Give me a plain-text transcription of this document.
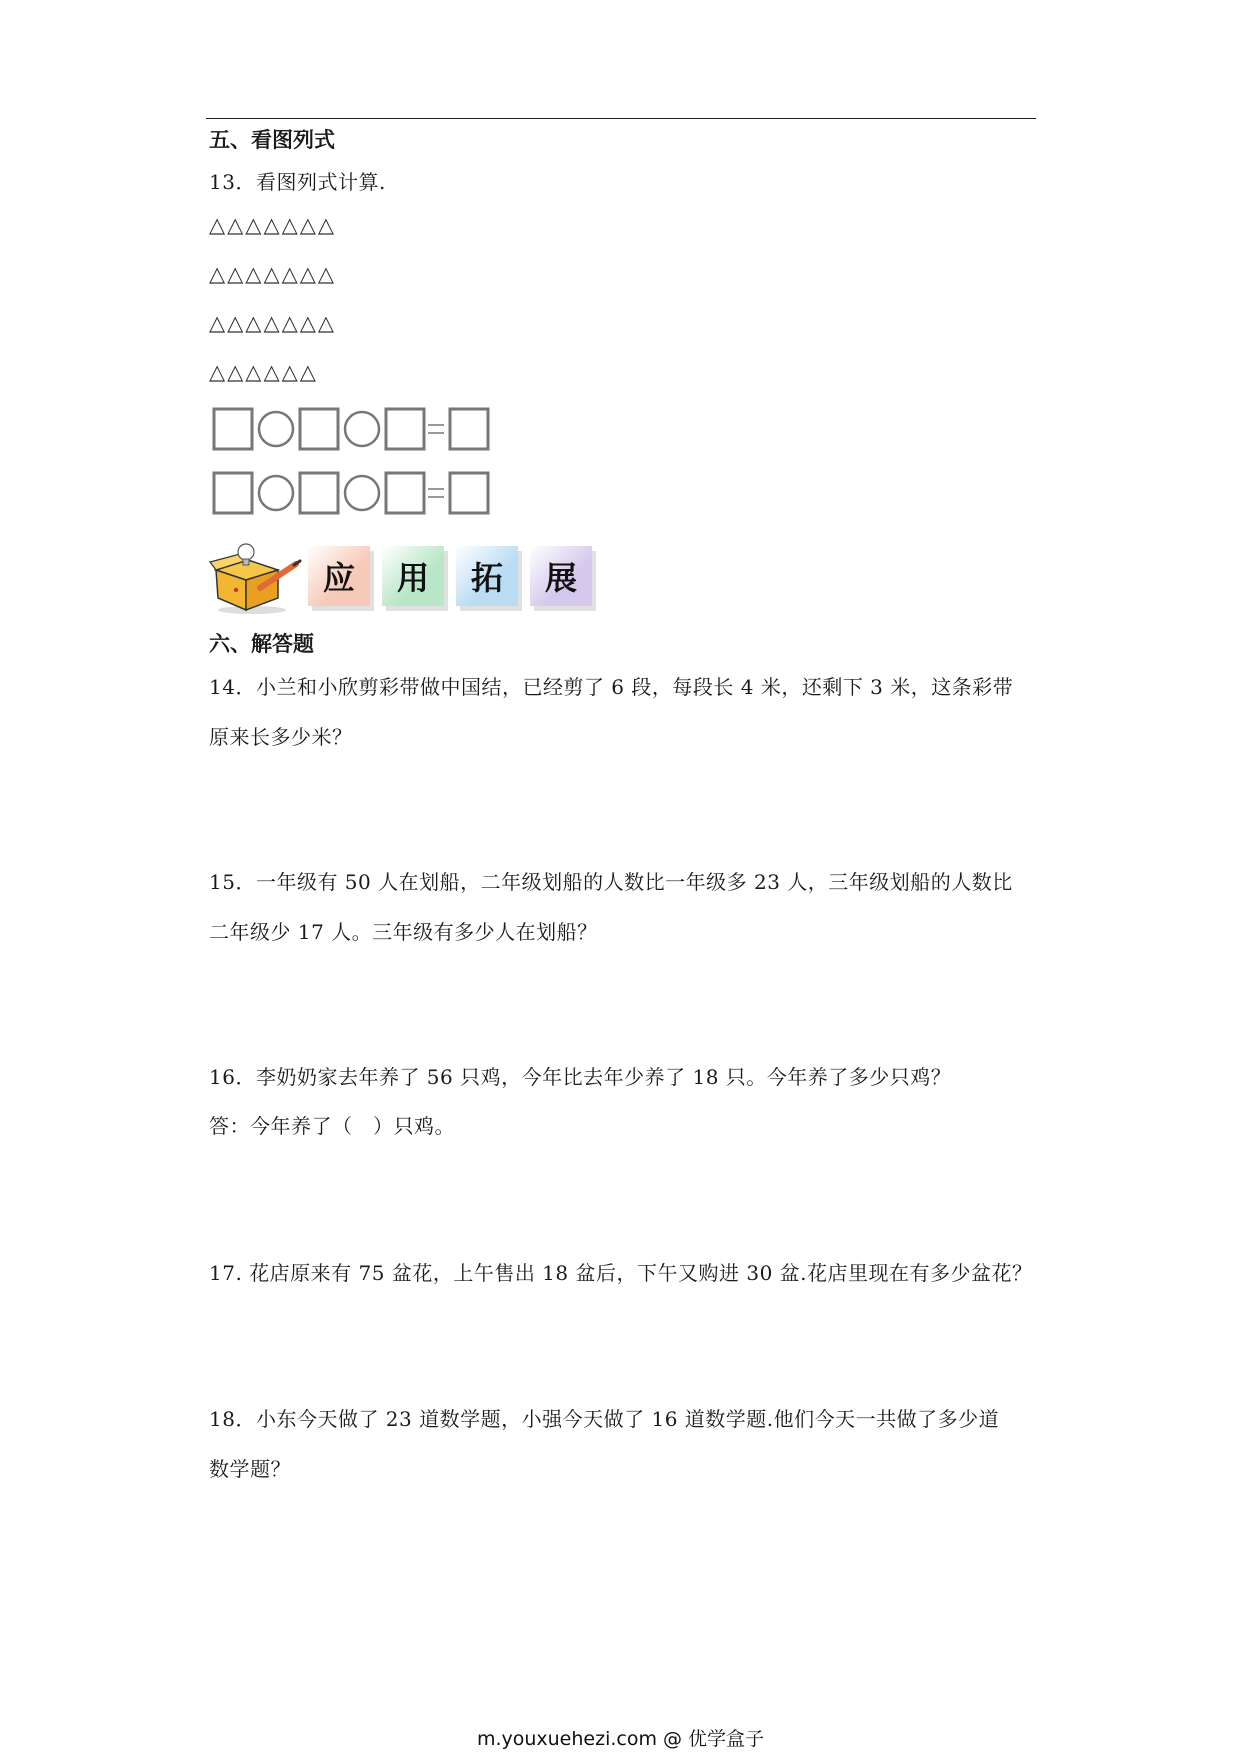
五、看图列式
13．看图列式计算.
△△△△△△△
△△△△△△△
△△△△△△△
△△△△△△
应 用 拓 展
六、解答题
14．小兰和小欣剪彩带做中国结，已经剪了 6 段，每段长 4 米，还剩下 3 米，这条彩带
原来长多少米？
15．一年级有 50 人在划船，二年级划船的人数比一年级多 23 人，三年级划船的人数比
二年级少 17 人。三年级有多少人在划船？
16．李奶奶家去年养了 56 只鸡，今年比去年少养了 18 只。今年养了多少只鸡？
答：今年养了（　）只鸡。
17. 花店原来有 75 盆花，上午售出 18 盆后，下午又购进 30 盆.花店里现在有多少盆花？
18．小东今天做了 23 道数学题，小强今天做了 16 道数学题.他们今天一共做了多少道
数学题？
m.youxuehezi.com @ 优学盒子
